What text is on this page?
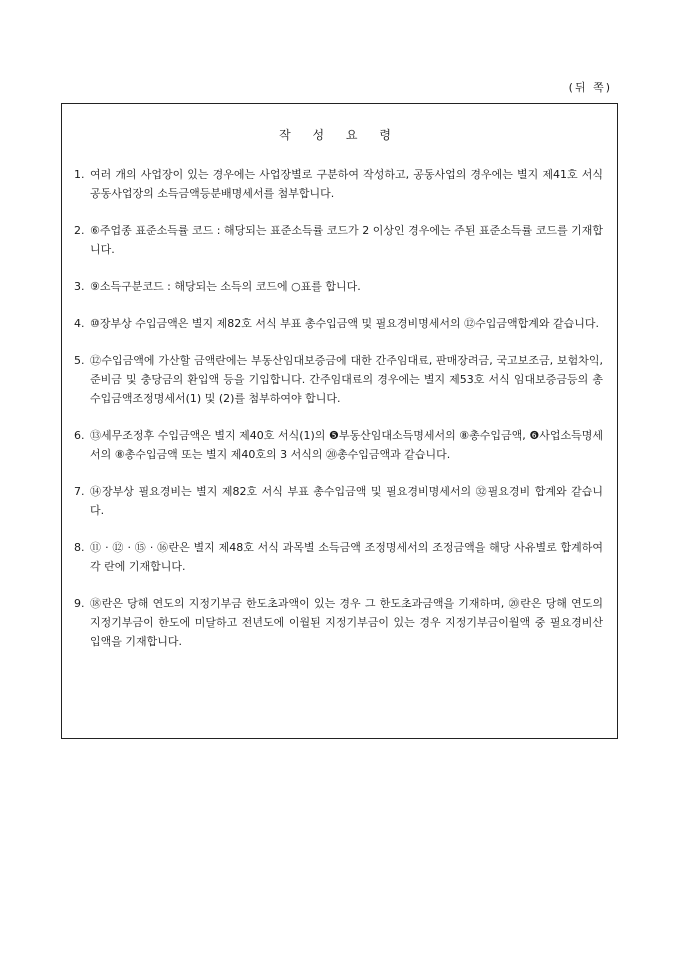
(뒤 쪽)
작 성 요 령
1. 여러 개의 사업장이 있는 경우에는 사업장별로 구분하여 작성하고, 공동사업의 경우에는 별지 제41호 서식 공동사업장의 소득금액등분배명세서를 첨부합니다.
2. ⑥주업종 표준소득률 코드 : 해당되는 표준소득률 코드가 2 이상인 경우에는 주된 표준소득률 코드를 기재합니다.
3. ⑨소득구분코드 : 해당되는 소득의 코드에 ○표를 합니다.
4. ⑩장부상 수입금액은 별지 제82호 서식 부표 총수입금액 및 필요경비명세서의 ⑫수입금액합계와 같습니다.
5. ⑫수입금액에 가산할 금액란에는 부동산임대보증금에 대한 간주임대료, 판매장려금, 국고보조금, 보험차익, 준비금 및 충당금의 환입액 등을 기입합니다. 간주임대료의 경우에는 별지 제53호 서식 임대보증금등의 총수입금액조정명세서(1) 및 (2)를 첨부하여야 합니다.
6. ⑬세무조정후 수입금액은 별지 제40호 서식(1)의 ❺부동산임대소득명세서의 ⑧총수입금액, ❻사업소득명세서의 ⑧총수입금액 또는 별지 제40호의 3 서식의 ⑳총수입금액과 같습니다.
7. ⑭장부상 필요경비는 별지 제82호 서식 부표 총수입금액 및 필요경비명세서의 ㉜필요경비 합계와 같습니다.
8. ⑪ · ⑫ · ⑮ · ⑯란은 별지 제48호 서식 과목별 소득금액 조정명세서의 조정금액을 해당 사유별로 합계하여 각 란에 기재합니다.
9. ⑱란은 당해 연도의 지정기부금 한도초과액이 있는 경우 그 한도초과금액을 기재하며, ⑳란은 당해 연도의 지정기부금이 한도에 미달하고 전년도에 이월된 지정기부금이 있는 경우 지정기부금이월액 중 필요경비산입액을 기재합니다.
